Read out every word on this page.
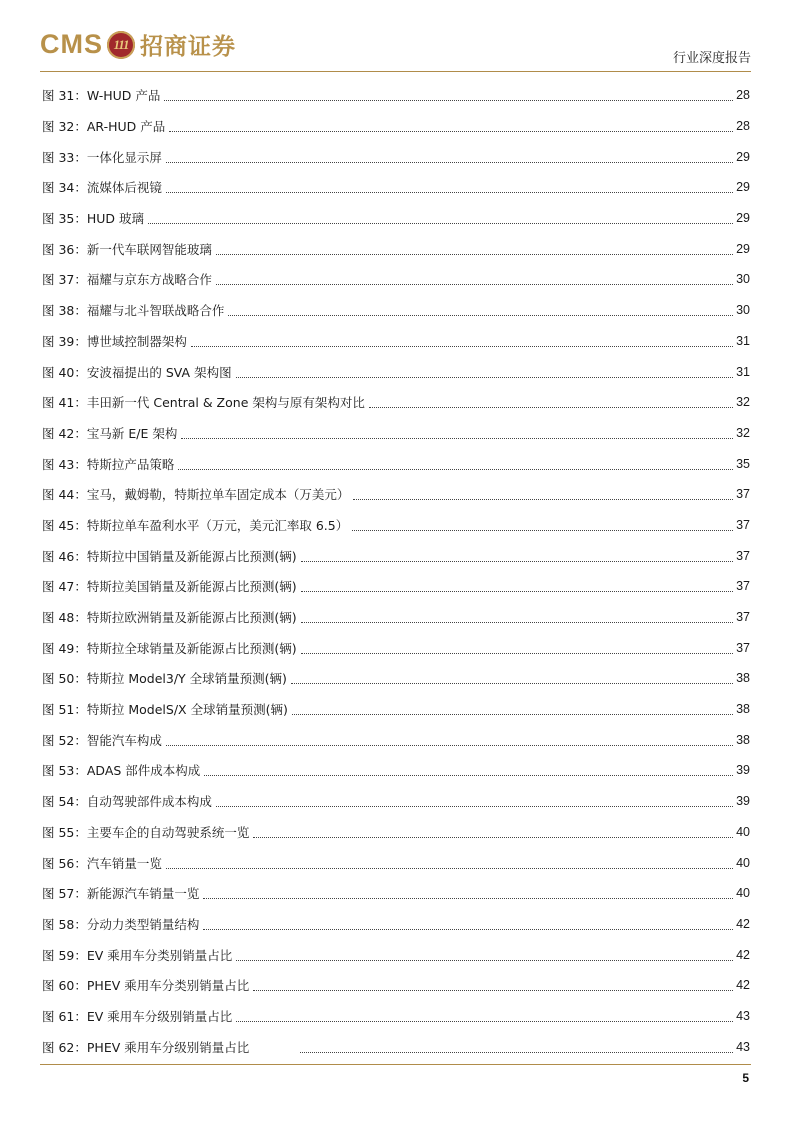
CMS 111 招商证券	行业深度报告
图 31：W-HUD 产品	28
图 32：AR-HUD 产品	28
图 33：一体化显示屏	29
图 34：流媒体后视镜	29
图 35：HUD 玻璃	29
图 36：新一代车联网智能玻璃	29
图 37：福耀与京东方战略合作	30
图 38：福耀与北斗智联战略合作	30
图 39：博世域控制器架构	31
图 40：安波福提出的 SVA 架构图	31
图 41：丰田新一代 Central & Zone 架构与原有架构对比	32
图 42：宝马新 E/E 架构	32
图 43：特斯拉产品策略	35
图 44：宝马，戴姆勒，特斯拉单车固定成本（万美元）	37
图 45：特斯拉单车盈利水平（万元，美元汇率取 6.5）	37
图 46：特斯拉中国销量及新能源占比预测(辆)	37
图 47：特斯拉美国销量及新能源占比预测(辆)	37
图 48：特斯拉欧洲销量及新能源占比预测(辆)	37
图 49：特斯拉全球销量及新能源占比预测(辆)	37
图 50：特斯拉 Model3/Y 全球销量预测(辆)	38
图 51：特斯拉 ModelS/X 全球销量预测(辆)	38
图 52：智能汽车构成	38
图 53：ADAS 部件成本构成	39
图 54：自动驾驶部件成本构成	39
图 55：主要车企的自动驾驶系统一览	40
图 56：汽车销量一览	40
图 57：新能源汽车销量一览	40
图 58：分动力类型销量结构	42
图 59：EV 乘用车分类别销量占比	42
图 60：PHEV 乘用车分类别销量占比	42
图 61：EV 乘用车分级别销量占比	43
图 62：PHEV 乘用车分级别销量占比	43
5
